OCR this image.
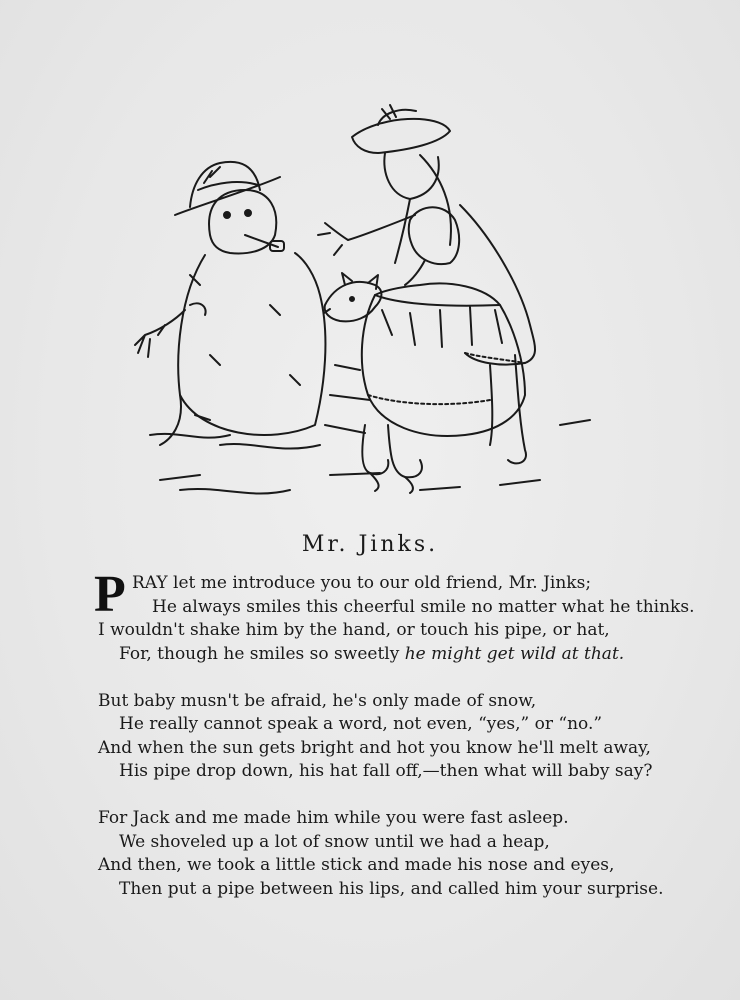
Mr. Jinks.
P RAY let me introduce you to our old friend, Mr. Jinks;
He always smiles this cheerful smile no matter what he thinks.
I wouldn't shake him by the hand, or touch his pipe, or hat,
For, though he smiles so sweetly he might get wild at that.
But baby musn't be afraid, he's only made of snow,
He really cannot speak a word, not even, “yes,” or “no.”
And when the sun gets bright and hot you know he'll melt away,
His pipe drop down, his hat fall off,—then what will baby say?
For Jack and me made him while you were fast asleep.
We shoveled up a lot of snow until we had a heap,
And then, we took a little stick and made his nose and eyes,
Then put a pipe between his lips, and called him your surprise.
